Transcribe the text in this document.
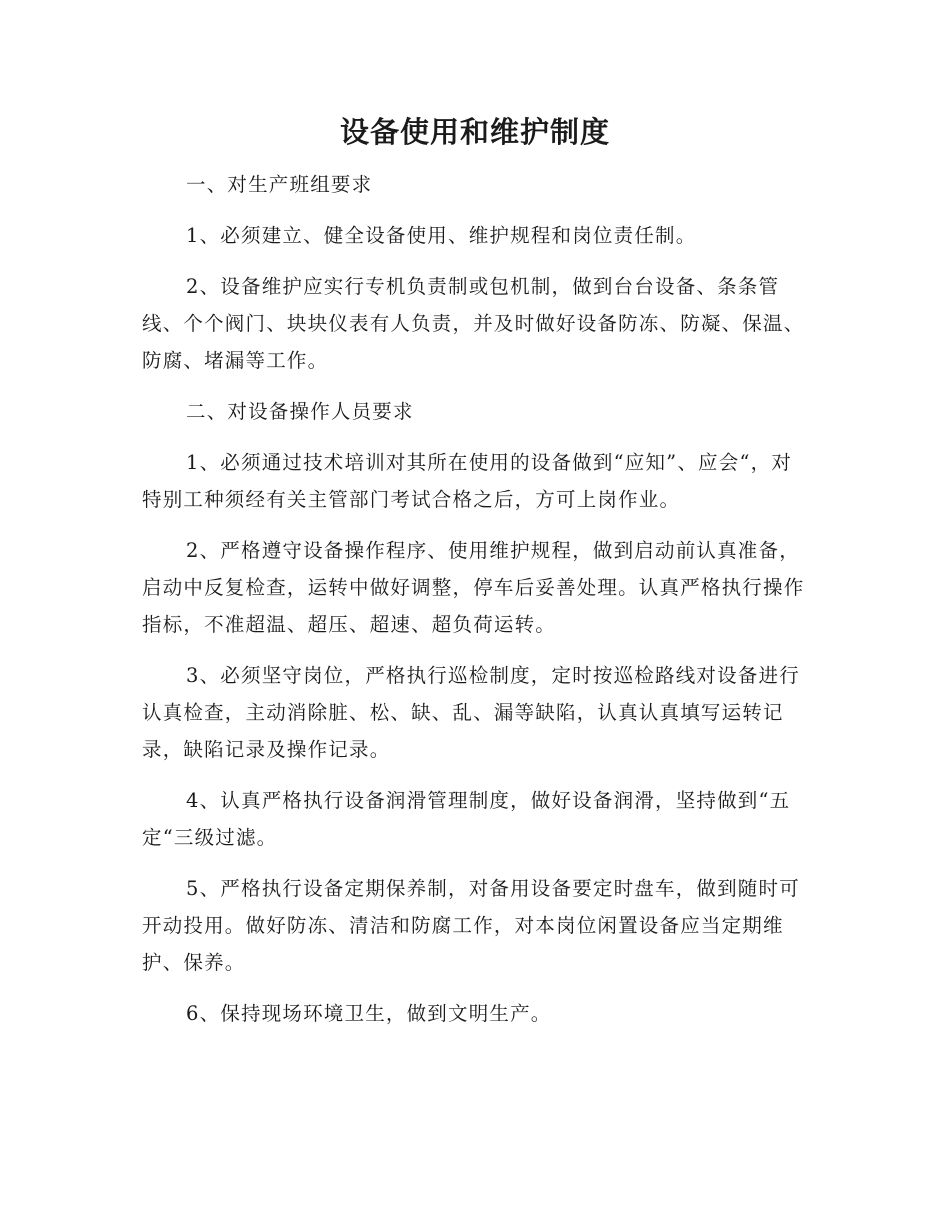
设备使用和维护制度

一、对生产班组要求

1、必须建立、健全设备使用、维护规程和岗位责任制。

2、设备维护应实行专机负责制或包机制，做到台台设备、条条管线、个个阀门、块块仪表有人负责，并及时做好设备防冻、防凝、保温、防腐、堵漏等工作。

二、对设备操作人员要求

1、必须通过技术培训对其所在使用的设备做到“应知”、应会“，对特别工种须经有关主管部门考试合格之后，方可上岗作业。

2、严格遵守设备操作程序、使用维护规程，做到启动前认真准备，启动中反复检查，运转中做好调整，停车后妥善处理。认真严格执行操作指标，不准超温、超压、超速、超负荷运转。

3、必须坚守岗位，严格执行巡检制度，定时按巡检路线对设备进行认真检查，主动消除脏、松、缺、乱、漏等缺陷，认真认真填写运转记录，缺陷记录及操作记录。

4、认真严格执行设备润滑管理制度，做好设备润滑，坚持做到“五定“三级过滤。

5、严格执行设备定期保养制，对备用设备要定时盘车，做到随时可开动投用。做好防冻、清洁和防腐工作，对本岗位闲置设备应当定期维护、保养。

6、保持现场环境卫生，做到文明生产。
